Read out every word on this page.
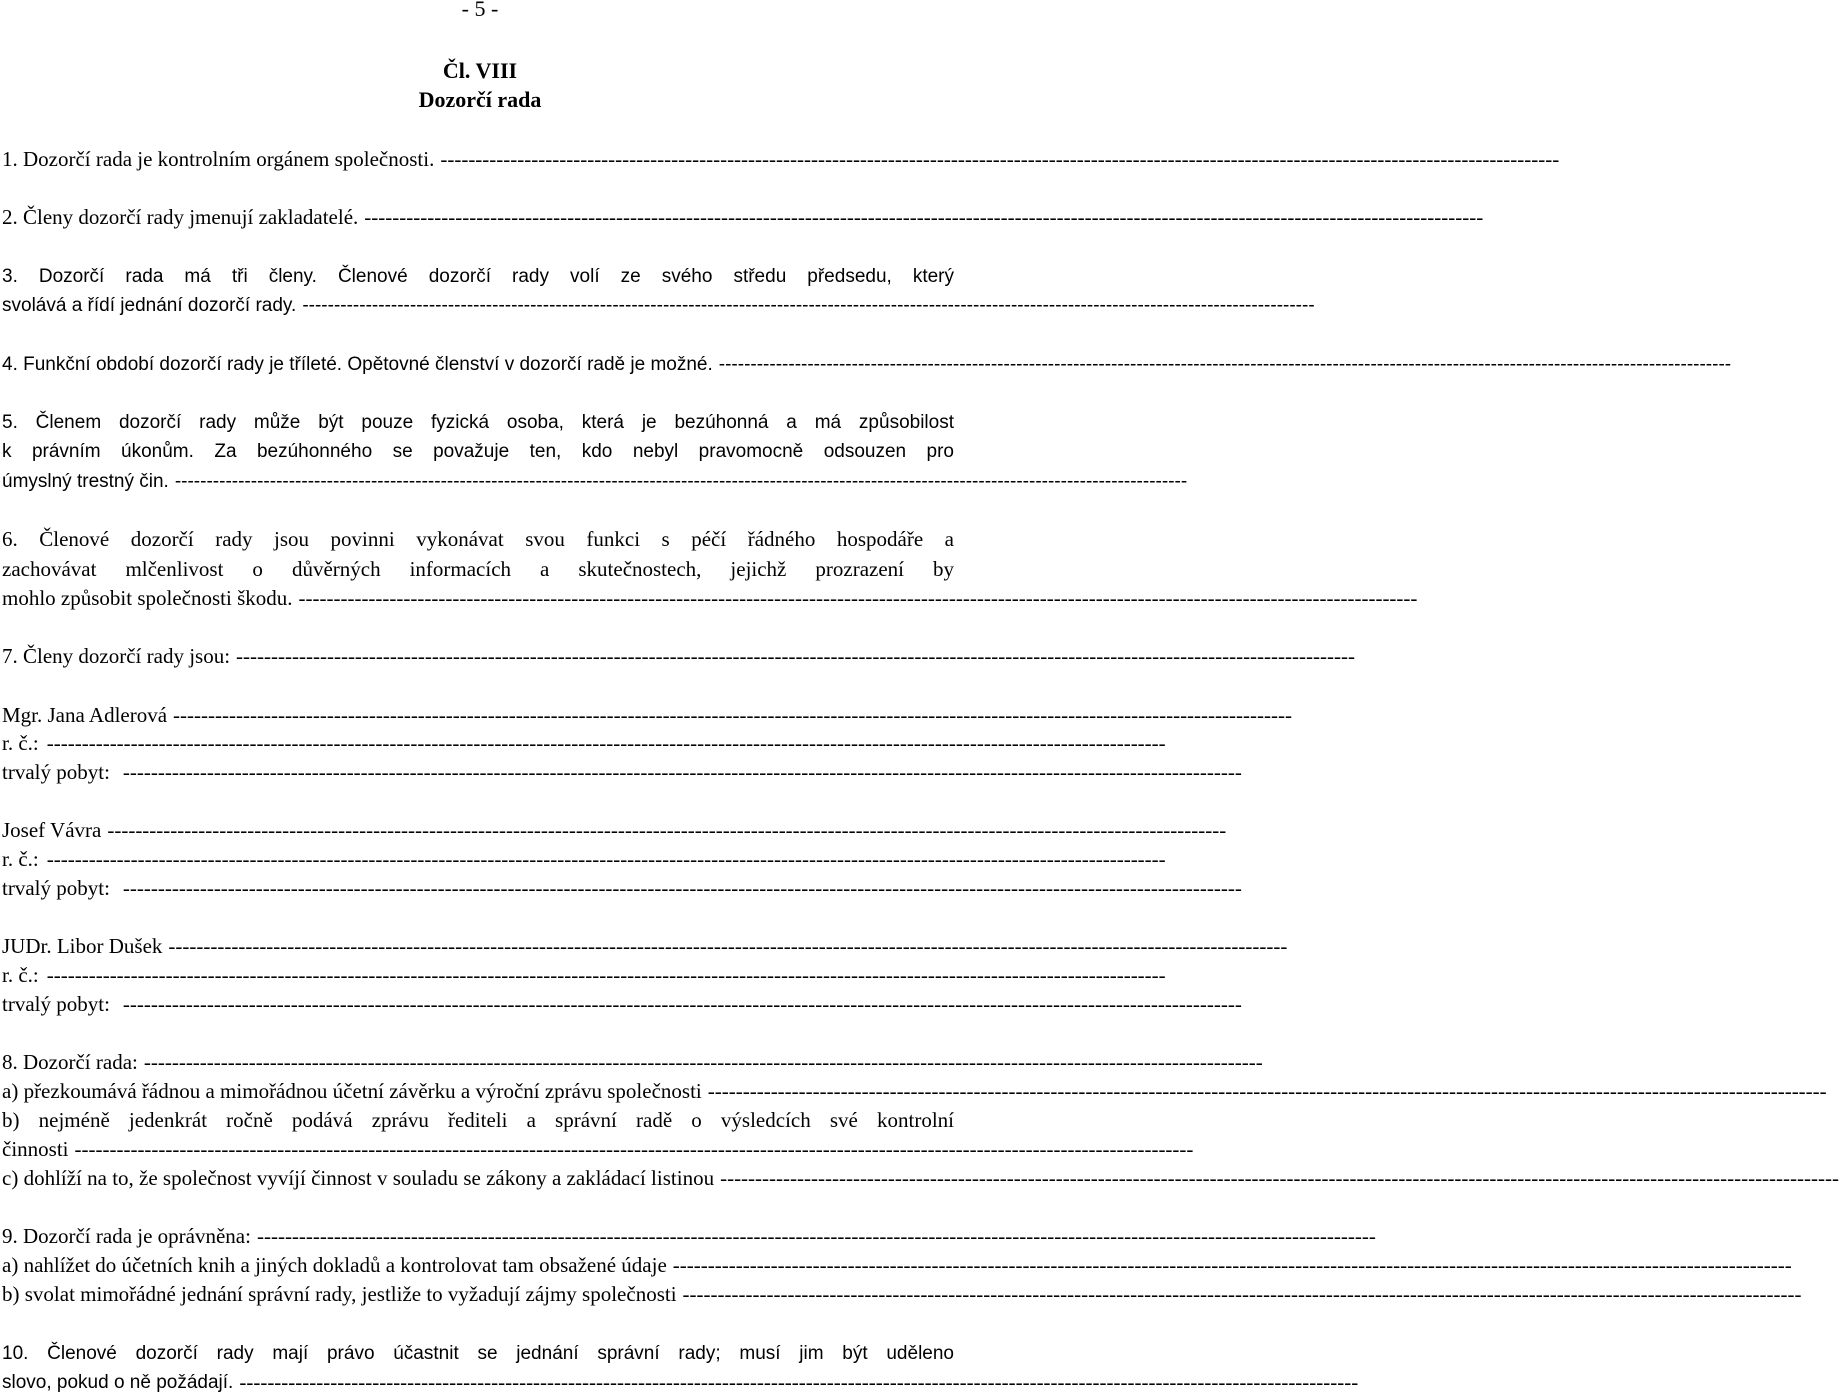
- 5 -
Čl. VIII
Dozorčí rada
1. Dozorčí rada je kontrolním orgánem společnosti. ----------------------------------------------------------------------------------------------------------------------------------------------------------------
2. Členy dozorčí rady jmenují zakladatelé. ----------------------------------------------------------------------------------------------------------------------------------------------------------------
3. Dozorčí rada má tři členy. Členové dozorčí rady volí ze svého středu předsedu, který
svolává a řídí jednání dozorčí rady. ----------------------------------------------------------------------------------------------------------------------------------------------------------------
4. Funkční období dozorčí rady je tříleté. Opětovné členství v dozorčí radě je možné. ----------------------------------------------------------------------------------------------------------------------------------------------------------------
5. Členem dozorčí rady může být pouze fyzická osoba, která je bezúhonná a má způsobilost
k právním úkonům. Za bezúhonného se považuje ten, kdo nebyl pravomocně odsouzen pro
úmyslný trestný čin. ----------------------------------------------------------------------------------------------------------------------------------------------------------------
6. Členové dozorčí rady jsou povinni vykonávat svou funkci s péčí řádného hospodáře a
zachovávat mlčenlivost o důvěrných informacích a skutečnostech, jejichž prozrazení by
mohlo způsobit společnosti škodu. ----------------------------------------------------------------------------------------------------------------------------------------------------------------
7. Členy dozorčí rady jsou: ----------------------------------------------------------------------------------------------------------------------------------------------------------------
Mgr. Jana Adlerová ----------------------------------------------------------------------------------------------------------------------------------------------------------------
r. č.: ----------------------------------------------------------------------------------------------------------------------------------------------------------------
trvalý pobyt: ----------------------------------------------------------------------------------------------------------------------------------------------------------------
Josef Vávra ----------------------------------------------------------------------------------------------------------------------------------------------------------------
r. č.: ----------------------------------------------------------------------------------------------------------------------------------------------------------------
trvalý pobyt: ----------------------------------------------------------------------------------------------------------------------------------------------------------------
JUDr. Libor Dušek ----------------------------------------------------------------------------------------------------------------------------------------------------------------
r. č.: ----------------------------------------------------------------------------------------------------------------------------------------------------------------
trvalý pobyt: ----------------------------------------------------------------------------------------------------------------------------------------------------------------
8. Dozorčí rada: ----------------------------------------------------------------------------------------------------------------------------------------------------------------
a) přezkoumává řádnou a mimořádnou účetní závěrku a výroční zprávu společnosti ----------------------------------------------------------------------------------------------------------------------------------------------------------------
b) nejméně jedenkrát ročně podává zprávu řediteli a správní radě o výsledcích své kontrolní
činnosti ----------------------------------------------------------------------------------------------------------------------------------------------------------------
c) dohlíží na to, že společnost vyvíjí činnost v souladu se zákony a zakládací listinou ----------------------------------------------------------------------------------------------------------------------------------------------------------------
9. Dozorčí rada je oprávněna: ----------------------------------------------------------------------------------------------------------------------------------------------------------------
a) nahlížet do účetních knih a jiných dokladů a kontrolovat tam obsažené údaje ----------------------------------------------------------------------------------------------------------------------------------------------------------------
b) svolat mimořádné jednání správní rady, jestliže to vyžadují zájmy společnosti ----------------------------------------------------------------------------------------------------------------------------------------------------------------
10. Členové dozorčí rady mají právo účastnit se jednání správní rady; musí jim být uděleno
slovo, pokud o ně požádají. ----------------------------------------------------------------------------------------------------------------------------------------------------------------
